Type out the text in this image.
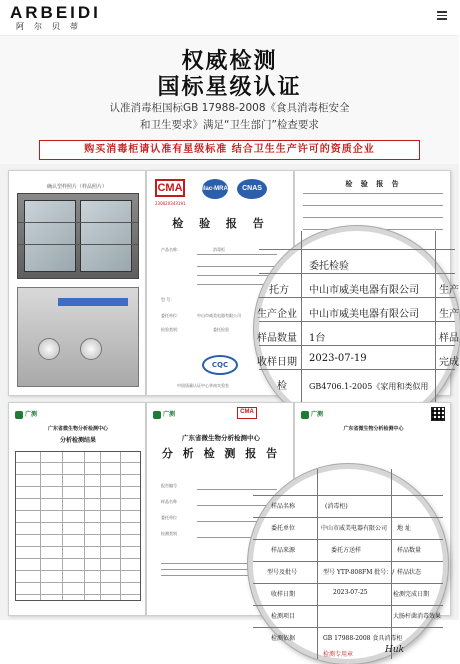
ARBEIDI
阿尔贝蒂
权威检测
国标星级认证
认准消毒柜国标GB 17988-2008《食具消毒柜安全
和卫生要求》满足“卫生部门”检查要求
购买消毒柜请认准有星级标准 结合卫生生产许可的资质企业
确认型样照片（样品照片）	CMA	ilac-MRA	CNAS
230020343191
检 验 报 告
产品名称：	消毒柜
型 号：
委托单位：	中山市威美电器有限公司
检验类别：	委托检验
CQC
中国质量认证中心华南实验室
检 验 报 告
委托检验
托方 中山市威美电器有限公司 生产
生产企业 中山市威美电器有限公司 生产
样品数量 1台	样品
收样日期 2023-07-19	完成
检	GB4706.1-2005《家用和类似用
广测
广东省微生物分析检测中心
分析检测结果
广测	CMA
广东省微生物分析检测中心
分 析 检 测 报 告
报告编号
样品名称
委托单位
检测类别
广测
广东省微生物分析检测中心
样品名称	(消毒柜)
委托单位	中山市威美电器有限公司 地 址
样品来源	委托方送样	样品数量
型号及批号	型号 YTP-808FM 批号：/ 样品状态
收样日期	2023-07-25	检测完成日期
检测项目	大肠杆菌消毒效果
检测依据	GB 17988-2008 食具消毒柜
检测专用章	Huk
